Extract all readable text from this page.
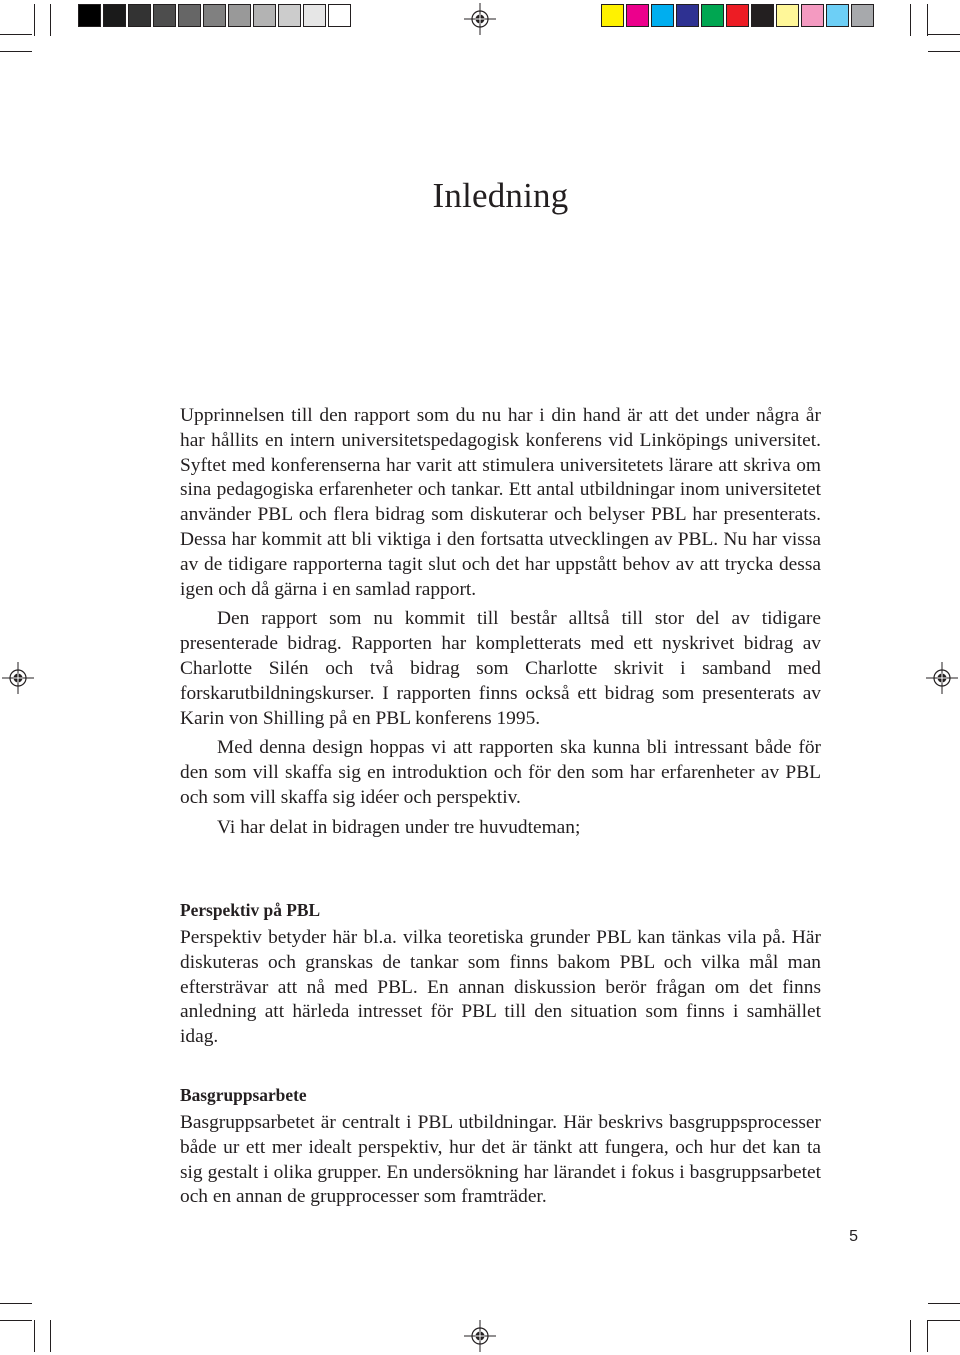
Inledning

Upprinnelsen till den rapport som du nu har i din hand är att det under några år har hållits en intern universitetspedagogisk konferens vid Linköpings universitet. Syftet med konferenserna har varit att stimulera universitetets lärare att skriva om sina pedagogiska erfarenheter och tankar. Ett antal utbildningar inom universitetet använder PBL och flera bidrag som diskuterar och belyser PBL har presenterats. Dessa har kommit att bli viktiga i den fortsatta utvecklingen av PBL. Nu har vissa av de tidigare rapporterna tagit slut och det har uppstått behov av att trycka dessa igen och då gärna i en samlad rapport.

Den rapport som nu kommit till består alltså till stor del av tidigare presenterade bidrag. Rapporten har kompletterats med ett nyskrivet bidrag av Charlotte Silén och två bidrag som Charlotte skrivit i samband med forskarutbildningskurser. I rapporten finns också ett bidrag som presenterats av Karin von Shilling på en PBL konferens 1995.

Med denna design hoppas vi att rapporten ska kunna bli intressant både för den som vill skaffa sig en introduktion och för den som har erfarenheter av PBL och som vill skaffa sig idéer och perspektiv.

Vi har delat in bidragen under tre huvudteman;

Perspektiv på PBL

Perspektiv betyder här bl.a. vilka teoretiska grunder PBL kan tänkas vila på. Här diskuteras och granskas de tankar som finns bakom PBL och vilka mål man eftersträvar att nå med PBL. En annan diskussion berör frågan om det finns anledning att härleda intresset för PBL till den situation som finns i samhället idag.

Basgruppsarbete

Basgruppsarbetet är centralt i PBL utbildningar. Här beskrivs basgruppsprocesser både ur ett mer idealt perspektiv, hur det är tänkt att fungera, och hur det kan ta sig gestalt i olika grupper. En undersökning har lärandet i fokus i basgruppsarbetet och en annan de grupprocesser som framträder.

5
